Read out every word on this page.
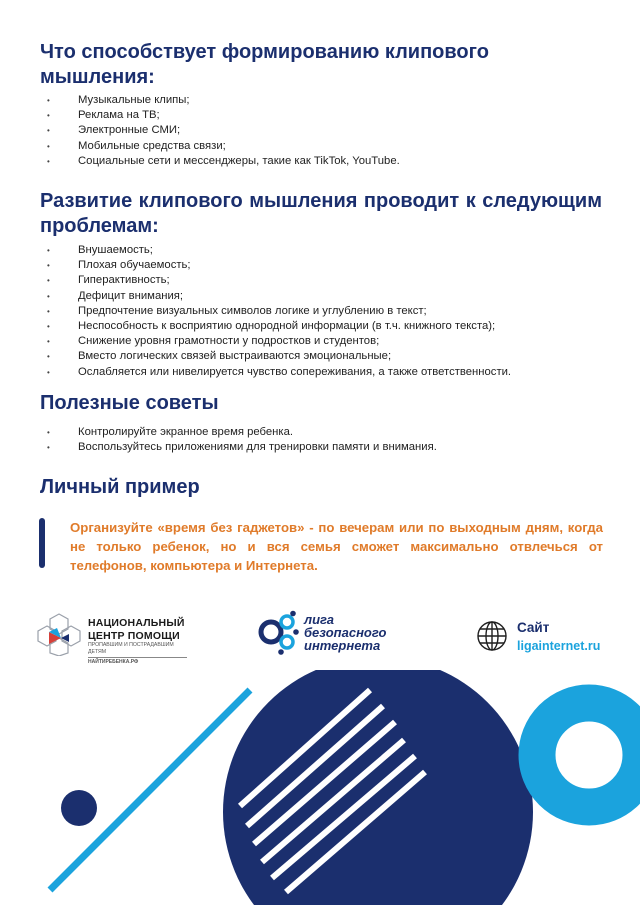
Что способствует формированию клипового мышления:
• Музыкальные клипы;
• Реклама на ТВ;
• Электронные СМИ;
• Мобильные средства связи;
• Социальные сети и мессенджеры, такие как TikTok, YouTube.
Развитие клипового мышления проводит к следующим проблемам:
• Внушаемость;
• Плохая обучаемость;
• Гиперактивность;
• Дефицит внимания;
• Предпочтение визуальных символов логике и углублению в текст;
• Неспособность к восприятию однородной информации (в т.ч. книжного текста);
• Снижение уровня грамотности у подростков и студентов;
• Вместо логических связей выстраиваются эмоциональные;
• Ослабляется или нивелируется чувство сопереживания, а также ответственности.
Полезные советы
• Контролируйте экранное время ребенка.
• Воспользуйтесь приложениями для тренировки памяти и внимания.
Личный пример

Организуйте «время без гаджетов» - по вечерам или по выходным дням, когда не только ребенок, но и вся семья сможет максимально отвлечься от телефонов, компьютера и Интернета.

НАЦИОНАЛЬНЫЙ
ЦЕНТР ПОМОЩИ
ПРОПАВШИМ И ПОСТРАДАВШИМ ДЕТЯМ
НАЙТИРЕБЕНКА.РФ
лига
безопасного
интернета
Сайт
ligainternet.ru
